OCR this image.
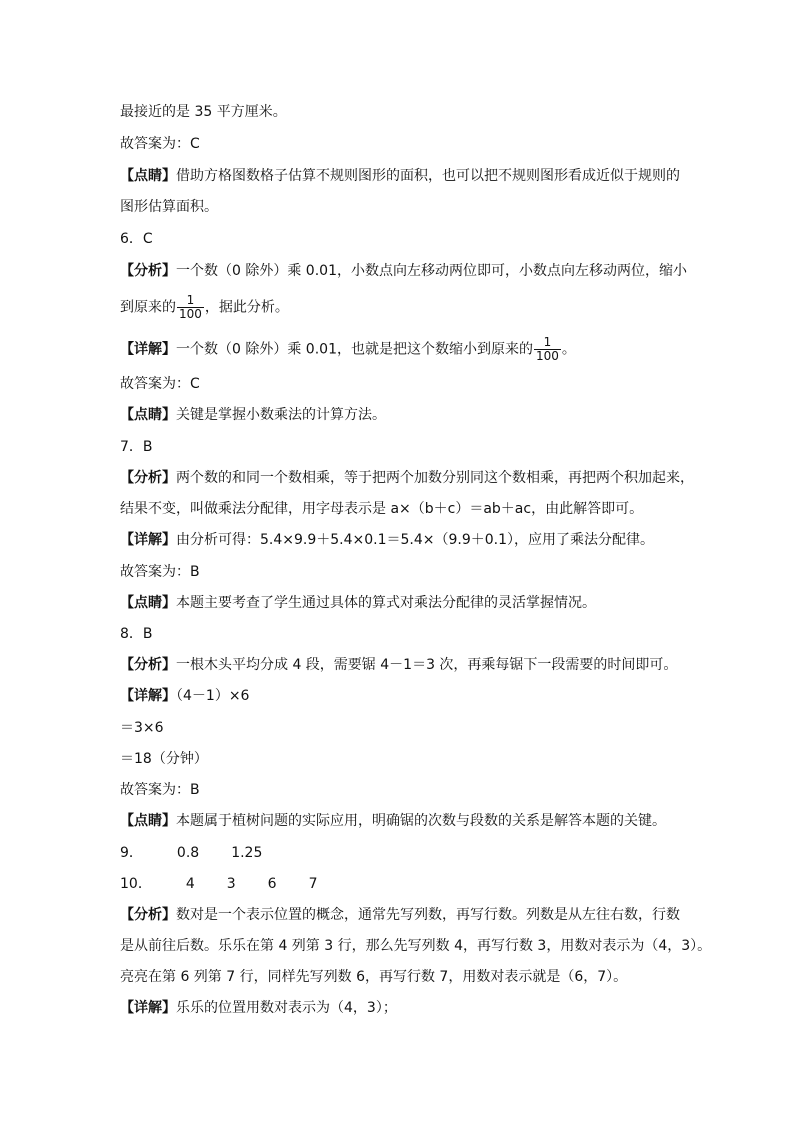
最接近的是 35 平方厘米。
故答案为：C
【点睛】借助方格图数格子估算不规则图形的面积，也可以把不规则图形看成近似于规则的
图形估算面积。
6．C
【分析】一个数（0 除外）乘 0.01，小数点向左移动两位即可，小数点向左移动两位，缩小
到原来的 $\frac{1}{100}$ ，据此分析。
【详解】一个数（0 除外）乘 0.01，也就是把这个数缩小到原来的 $\frac{1}{100}$ 。
故答案为：C
【点睛】关键是掌握小数乘法的计算方法。
7．B
【分析】两个数的和同一个数相乘，等于把两个加数分别同这个数相乘，再把两个积加起来，
结果不变，叫做乘法分配律，用字母表示是 a×（b＋c）＝ab＋ac，由此解答即可。
【详解】由分析可得：5.4×9.9＋5.4×0.1＝5.4×（9.9＋0.1），应用了乘法分配律。
故答案为：B
【点睛】本题主要考查了学生通过具体的算式对乘法分配律的灵活掌握情况。
8．B
【分析】一根木头平均分成 4 段，需要锯 4－1＝3 次，再乘每锯下一段需要的时间即可。
【详解】（4－1）×6
＝3×6
＝18（分钟）
故答案为：B
【点睛】本题属于植树问题的实际应用，明确锯的次数与段数的关系是解答本题的关键。
9． 0.8 1.25
10． 4 3 6 7
【分析】数对是一个表示位置的概念，通常先写列数，再写行数。列数是从左往右数，行数
是从前往后数。乐乐在第 4 列第 3 行，那么先写列数 4，再写行数 3，用数对表示为（4，3）。
亮亮在第 6 列第 7 行，同样先写列数 6，再写行数 7，用数对表示就是（6，7）。
【详解】乐乐的位置用数对表示为（4，3）；
